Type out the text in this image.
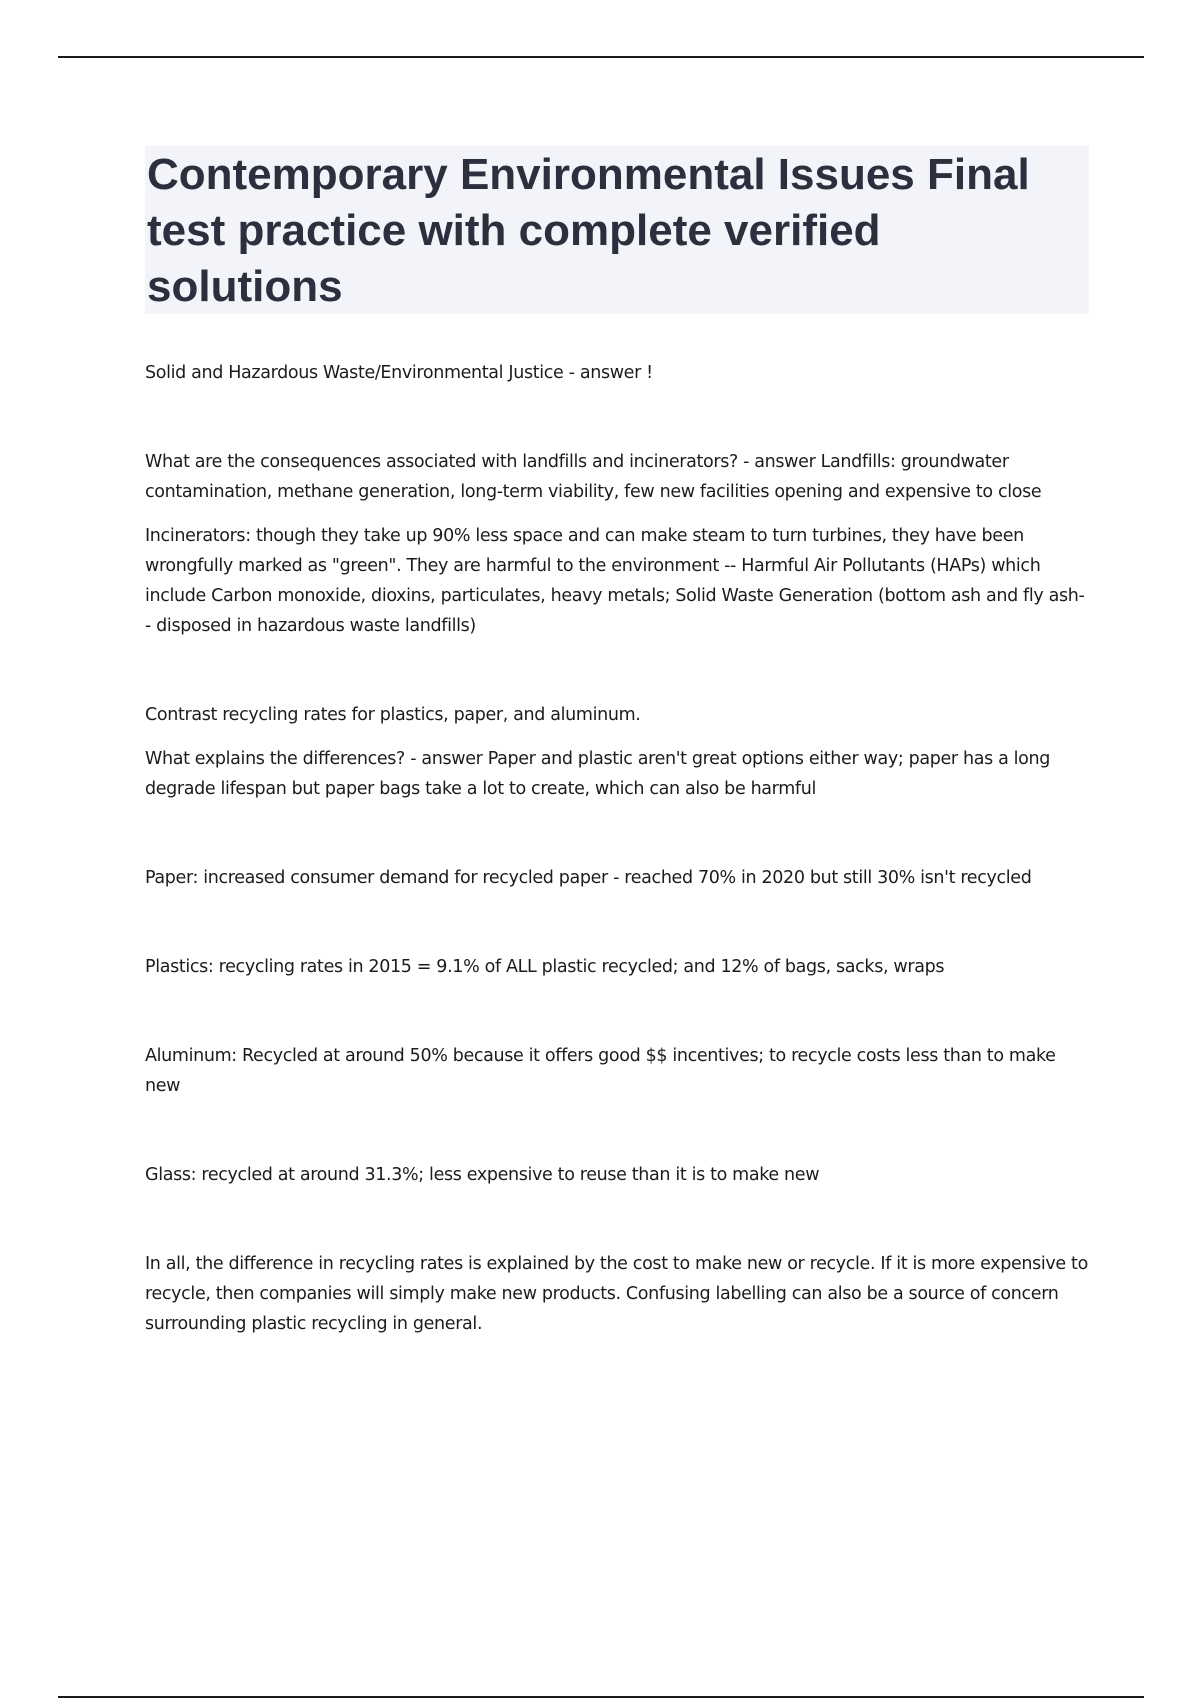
Contemporary Environmental Issues Final test practice with complete verified solutions

Solid and Hazardous Waste/Environmental Justice - answer !

What are the consequences associated with landfills and incinerators? - answer Landfills: groundwater contamination, methane generation, long-term viability, few new facilities opening and expensive to close

Incinerators: though they take up 90% less space and can make steam to turn turbines, they have been wrongfully marked as "green". They are harmful to the environment -- Harmful Air Pollutants (HAPs) which include Carbon monoxide, dioxins, particulates, heavy metals; Solid Waste Generation (bottom ash and fly ash-- disposed in hazardous waste landfills)

Contrast recycling rates for plastics, paper, and aluminum.

What explains the differences? - answer Paper and plastic aren't great options either way; paper has a long degrade lifespan but paper bags take a lot to create, which can also be harmful

Paper: increased consumer demand for recycled paper - reached 70% in 2020 but still 30% isn't recycled

Plastics: recycling rates in 2015 = 9.1% of ALL plastic recycled; and 12% of bags, sacks, wraps

Aluminum: Recycled at around 50% because it offers good $$ incentives; to recycle costs less than to make new

Glass: recycled at around 31.3%; less expensive to reuse than it is to make new

In all, the difference in recycling rates is explained by the cost to make new or recycle. If it is more expensive to recycle, then companies will simply make new products. Confusing labelling can also be a source of concern surrounding plastic recycling in general.
